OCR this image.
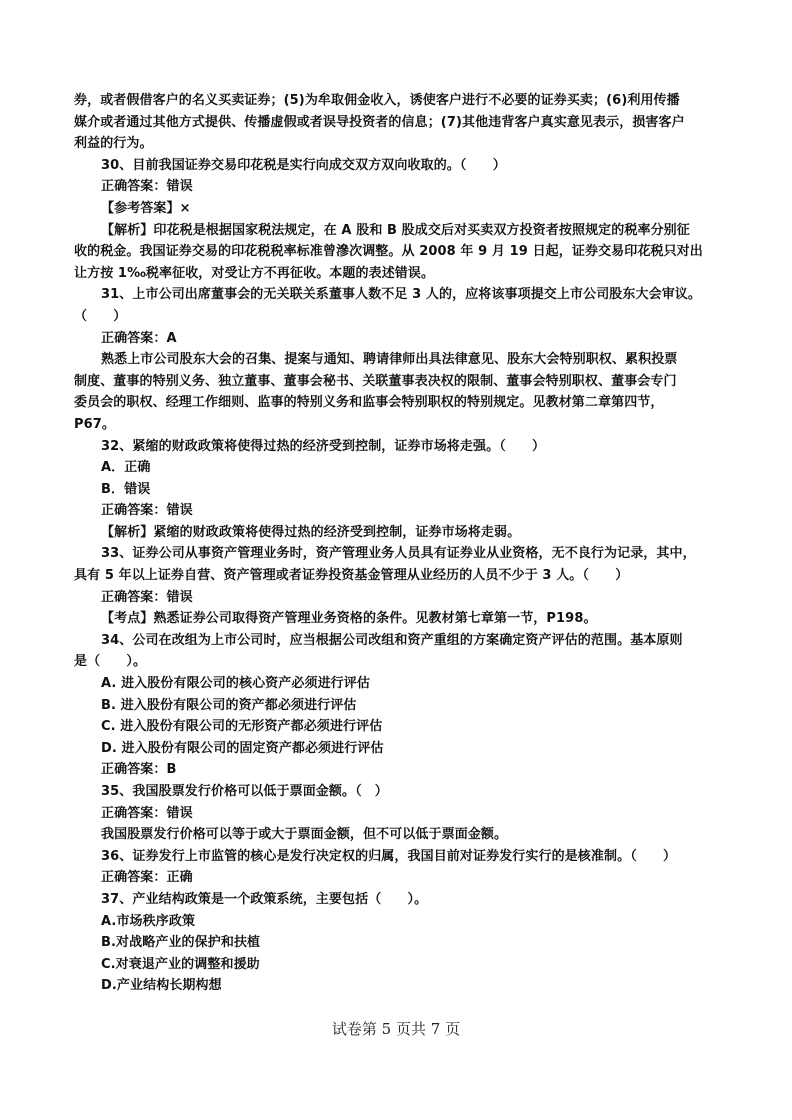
券，或者假借客户的名义买卖证券；(5)为牟取佣金收入，诱使客户进行不必要的证券买卖；(6)利用传播
媒介或者通过其他方式提供、传播虚假或者误导投资者的信息；(7)其他违背客户真实意见表示，损害客户
利益的行为。
30、目前我国证券交易印花税是实行向成交双方双向收取的。（　　）
正确答案：错误
【参考答案】×
【解析】印花税是根据国家税法规定，在 A 股和 B 股成交后对买卖双方投资者按照规定的税率分别征
收的税金。我国证券交易的印花税税率标准曾滲次调整。从 2008 年 9 月 19 日起，证券交易印花税只对出
让方按 1‰税率征收，对受让方不再征收。本题的表述错误。
31、上市公司出席董事会的无关联关系董事人数不足 3 人的，应将该事项提交上市公司股东大会审议。
（　　）
正确答案：A
熟悉上市公司股东大会的召集、提案与通知、聘请律师出具法律意见、股东大会特别职权、累积投票
制度、董事的特别义务、独立董事、董事会秘书、关联董事表决权的限制、董事会特别职权、董事会专门
委员会的职权、经理工作细则、监事的特别义务和监事会特别职权的特别规定。见教材第二章第四节，
P67。
32、紧缩的财政政策将使得过热的经济受到控制，证券市场将走强。（　　）
A．正确
B．错误
正确答案：错误
【解析】紧缩的财政政策将使得过热的经济受到控制，证券市场将走弱。
33、证券公司从事资产管理业务时，资产管理业务人员具有证券业从业资格，无不良行为记录，其中，
具有 5 年以上证券自营、资产管理或者证券投资基金管理从业经历的人员不少于 3 人。（　　）
正确答案：错误
【考点】熟悉证券公司取得资产管理业务资格的条件。见教材第七章第一节，P198。
34、公司在改组为上市公司时，应当根据公司改组和资产重组的方案确定资产评估的范围。基本原则
是（　　）。
A. 进入股份有限公司的核心资产必须进行评估
B. 进入股份有限公司的资产都必须进行评估
C. 进入股份有限公司的无形资产都必须进行评估
D. 进入股份有限公司的固定资产都必须进行评估
正确答案：B
35、我国股票发行价格可以低于票面金额。（　）
正确答案：错误
我国股票发行价格可以等于或大于票面金额，但不可以低于票面金额。
36、证券发行上市监管的核心是发行决定权的归属，我国目前对证券发行实行的是核准制。（　　）
正确答案：正确
37、产业结构政策是一个政策系统，主要包括（　　）。
A.市场秩序政策
B.对战略产业的保护和扶植
C.对衰退产业的调整和援助
D.产业结构长期构想
试卷第 5 页共 7 页
